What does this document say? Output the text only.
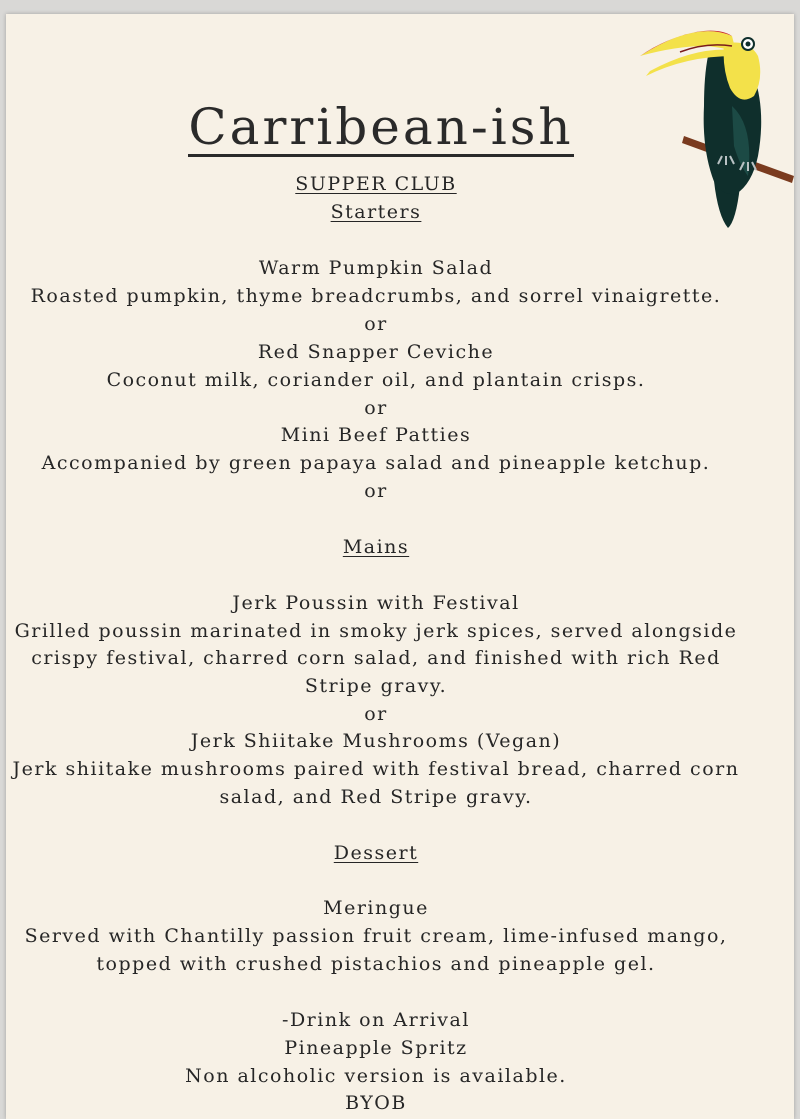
Carribean-ish
SUPPER CLUB
Starters
Warm Pumpkin Salad
Roasted pumpkin, thyme breadcrumbs, and sorrel vinaigrette.
or
Red Snapper Ceviche
Coconut milk, coriander oil, and plantain crisps.
or
Mini Beef Patties
Accompanied by green papaya salad and pineapple ketchup.
or
Mains
Jerk Poussin with Festival
Grilled poussin marinated in smoky jerk spices, served alongside
crispy festival, charred corn salad, and finished with rich Red
Stripe gravy.
or
Jerk Shiitake Mushrooms (Vegan)
Jerk shiitake mushrooms paired with festival bread, charred corn
salad, and Red Stripe gravy.
Dessert
Meringue
Served with Chantilly passion fruit cream, lime-infused mango,
topped with crushed pistachios and pineapple gel.
-Drink on Arrival
Pineapple Spritz
Non alcoholic version is available.
BYOB
